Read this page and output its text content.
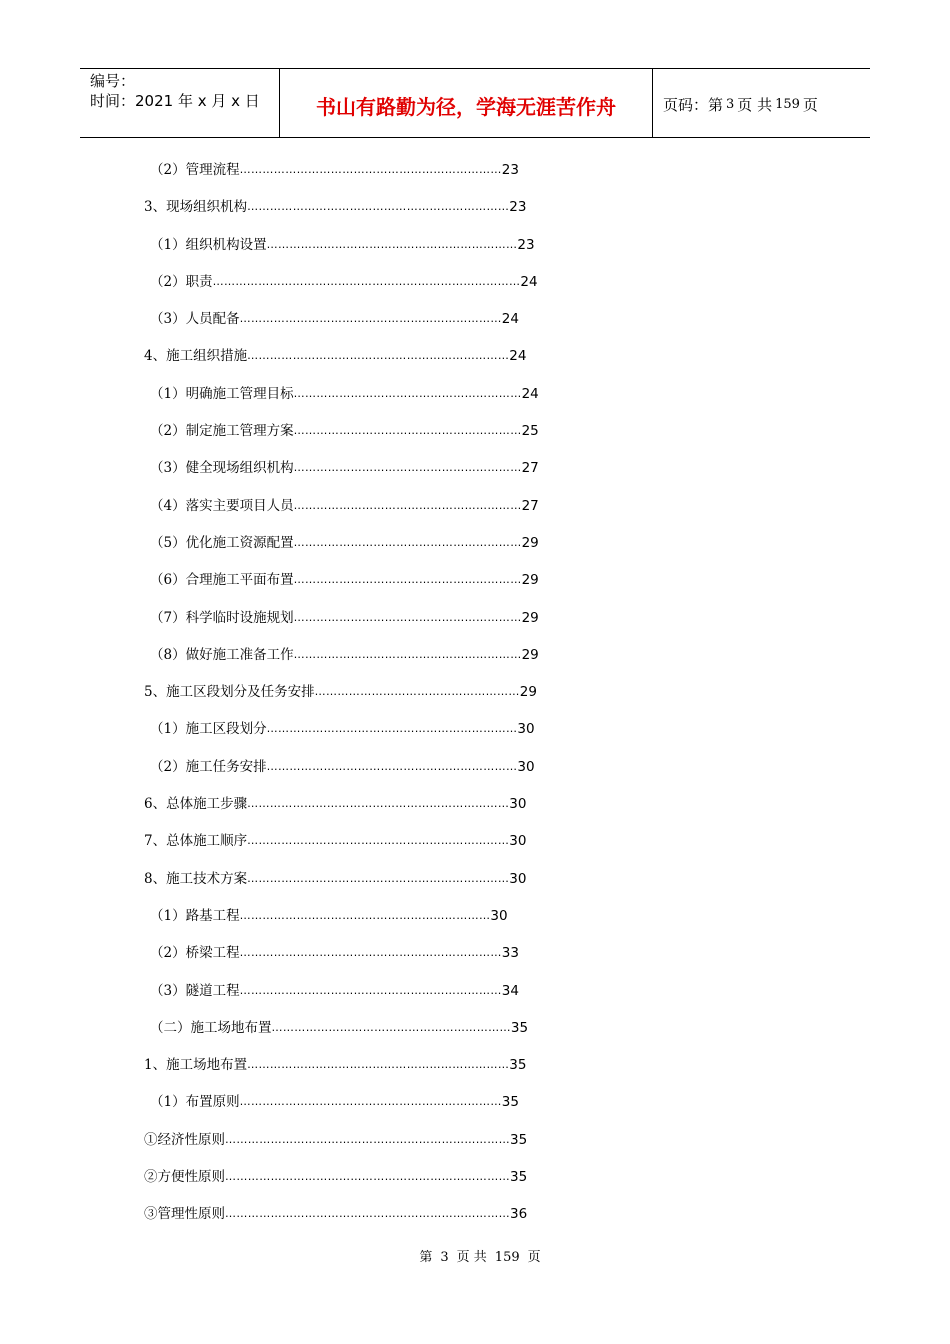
编号：
时间：2021 年 x 月 x 日	书山有路勤为径，学海无涯苦作舟	页码：第 3 页 共 159 页
（2）管理流程 …………………………………………………………… 23
3、现场组织机构 …………………………………………………………… 23
（1）组织机构设置 ………………………………………………………… 23
（2）职责 ……………………………………………………………………… 24
（3）人员配备 …………………………………………………………… 24
4、施工组织措施 …………………………………………………………… 24
（1）明确施工管理目标 …………………………………………………… 24
（2）制定施工管理方案 …………………………………………………… 25
（3）健全现场组织机构 …………………………………………………… 27
（4）落实主要项目人员 …………………………………………………… 27
（5）优化施工资源配置 …………………………………………………… 29
（6）合理施工平面布置 …………………………………………………… 29
（7）科学临时设施规划 …………………………………………………… 29
（8）做好施工准备工作 …………………………………………………… 29
5、施工区段划分及任务安排 ……………………………………………… 29
（1）施工区段划分 ………………………………………………………… 30
（2）施工任务安排 ………………………………………………………… 30
6、总体施工步骤 …………………………………………………………… 30
7、总体施工顺序 …………………………………………………………… 30
8、施工技术方案 …………………………………………………………… 30
（1）路基工程 ………………………………………………………… 30
（2）桥梁工程 …………………………………………………………… 33
（3）隧道工程 …………………………………………………………… 34
（二）施工场地布置 ……………………………………………………… 35
1、施工场地布置 …………………………………………………………… 35
（1）布置原则 …………………………………………………………… 35
①经济性原则 ………………………………………………………………… 35
②方便性原则 ………………………………………………………………… 35
③管理性原则 ………………………………………………………………… 36
第 3 页 共 159 页
